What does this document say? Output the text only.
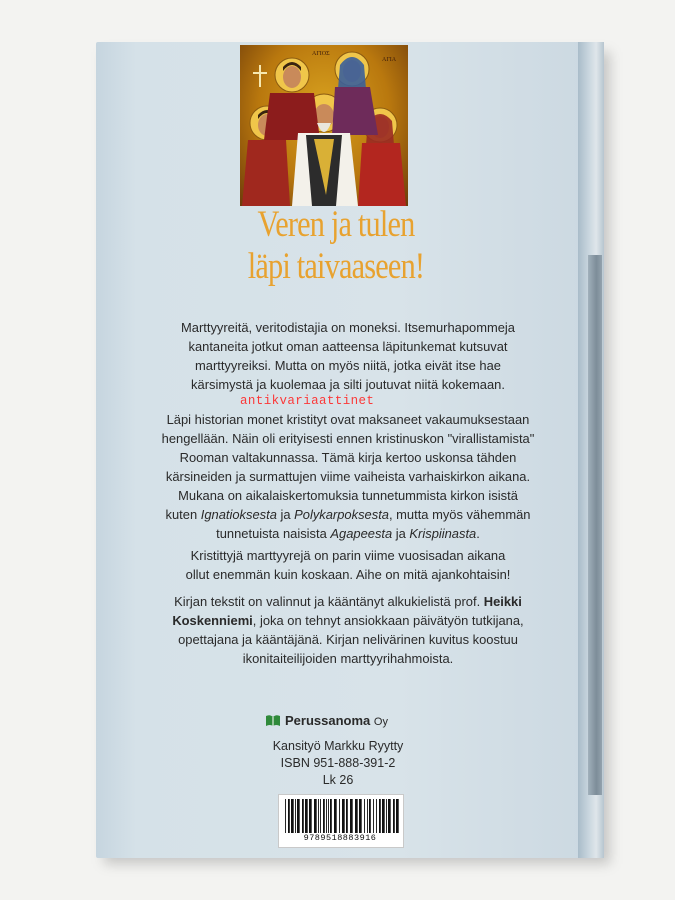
ΑΓΙΟΣ
ΑΓΙΑ
Veren ja tulen
läpi taivaaseen!
Marttyyreitä, veritodistajia on moneksi. Itsemurhapommeja
kantaneita jotkut oman aatteensa läpitunkemat kutsuvat
marttyyreiksi. Mutta on myös niitä, jotka eivät itse hae
kärsimystä ja kuolemaa ja silti joutuvat niitä kokemaan.
Läpi historian monet kristityt ovat maksaneet vakaumuksestaan
hengellään. Näin oli erityisesti ennen kristinuskon "virallistamista"
Rooman valtakunnassa. Tämä kirja kertoo uskonsa tähden
kärsineiden ja surmattujen viime vaiheista varhaiskirkon aikana.
Mukana on aikalaiskertomuksia tunnetummista kirkon isistä
kuten Ignatioksesta ja Polykarpoksesta, mutta myös vähemmän
tunnetuista naisista Agapeesta ja Krispiinasta.
antikvariaattinet
Kristittyjä marttyyrejä on parin viime vuosisadan aikana
ollut enemmän kuin koskaan. Aihe on mitä ajankohtaisin!
Kirjan tekstit on valinnut ja kääntänyt alkukielistä prof. Heikki
Koskenniemi, joka on tehnyt ansiokkaan päivätyön tutkijana,
opettajana ja kääntäjänä. Kirjan nelivärinen kuvitus koostuu
ikonitaiteilijoiden marttyyrihahmoista.
Perussanoma Oy
Kansityö Markku Ryytty
ISBN 951-888-391-2
Lk 26
9789518883916
